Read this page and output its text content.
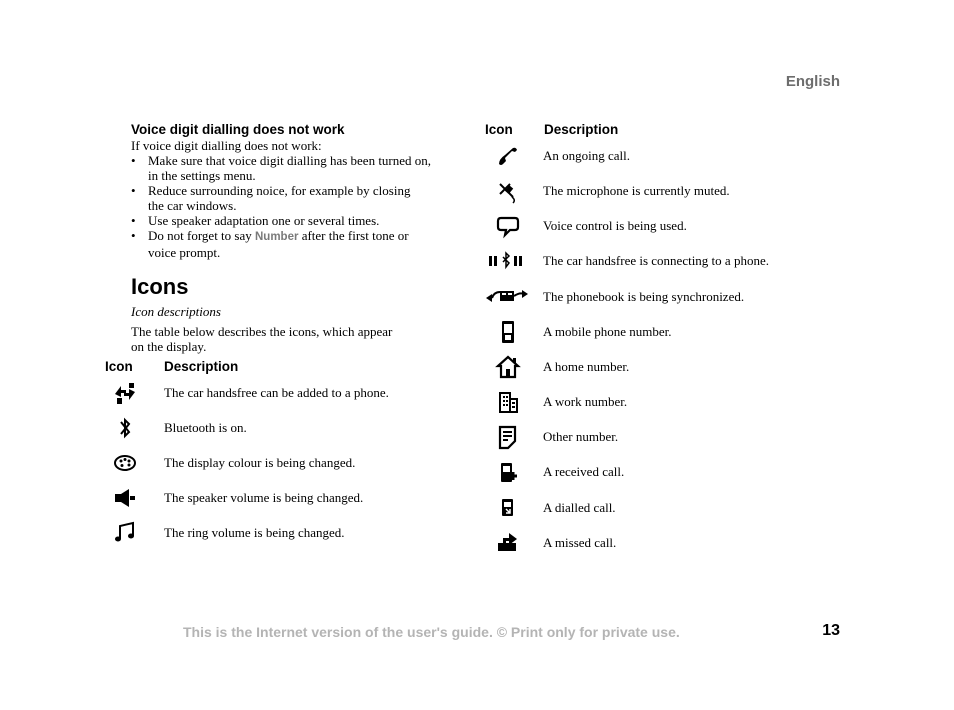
English

Voice digit dialling does not work

If voice digit dialling does not work:

• Make sure that voice digit dialling has been turned on,
in the settings menu.
• Reduce surrounding noice, for example by closing
the car windows.
• Use speaker adaptation one or several times.
• Do not forget to say Number after the first tone or
voice prompt.
Icons
Icon descriptions
The table below describes the icons, which appear
on the display.
Icon Description
The car handsfree can be added to a phone.
Bluetooth is on.
The display colour is being changed.
The speaker volume is being changed.
The ring volume is being changed.
Icon Description
An ongoing call.
The microphone is currently muted.
Voice control is being used.
The car handsfree is connecting to a phone.
The phonebook is being synchronized.
A mobile phone number.
A home number.
A work number.
Other number.
A received call.
A dialled call.
A missed call.
This is the Internet version of the user's guide. © Print only for private use.	13
